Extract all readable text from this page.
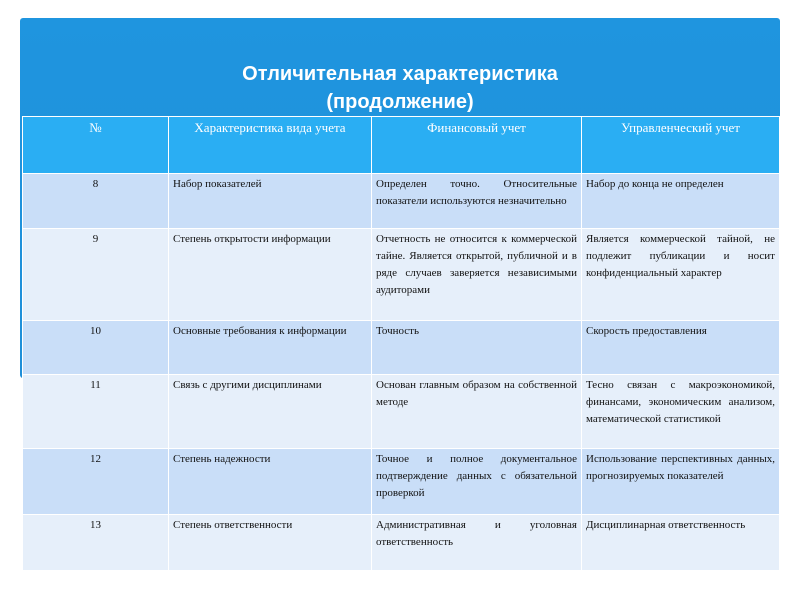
Отличительная характеристика
(продолжение)
№	Характеристика вида учета	Финансовый учет	Управленческий учет
8	Набор показателей	Определен точно. Относительные показатели используются незначительно	Набор до конца не определен
9	Степень открытости информации	Отчетность не относится к коммерческой тайне. Является открытой, публичной и в ряде случаев заверяется независимыми аудиторами	Является коммерческой тайной, не подлежит публикации и носит конфиденциальный характер
10	Основные требования к информации	Точность	Скорость предоставления
11	Связь с другими дисциплинами	Основан главным образом на собственной методе	Тесно связан с макроэкономикой, финансами, экономическим анализом, математической статистикой
12	Степень надежности	Точное и полное документальное подтверждение данных с обязательной проверкой	Использование перспективных данных, прогнозируемых показателей
13	Степень ответственности	Административная и уголовная ответственность	Дисциплинарная ответственность
